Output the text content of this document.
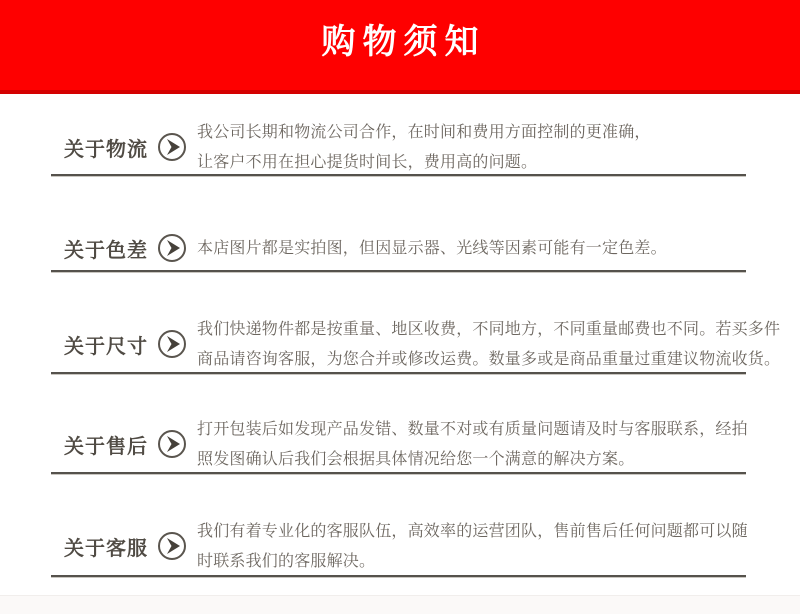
购物须知
关于物流
我公司长期和物流公司合作，在时间和费用方面控制的更准确，
让客户不用在担心提货时间长，费用高的问题。
关于色差	本店图片都是实拍图，但因显示器、光线等因素可能有一定色差。
关于尺寸
我们快递物件都是按重量、地区收费，不同地方，不同重量邮费也不同。若买多件
商品请咨询客服，为您合并或修改运费。数量多或是商品重量过重建议物流收货。
关于售后
打开包装后如发现产品发错、数量不对或有质量问题请及时与客服联系，经拍
照发图确认后我们会根据具体情况给您一个满意的解决方案。
关于客服
我们有着专业化的客服队伍，高效率的运营团队，售前售后任何问题都可以随
时联系我们的客服解决。
